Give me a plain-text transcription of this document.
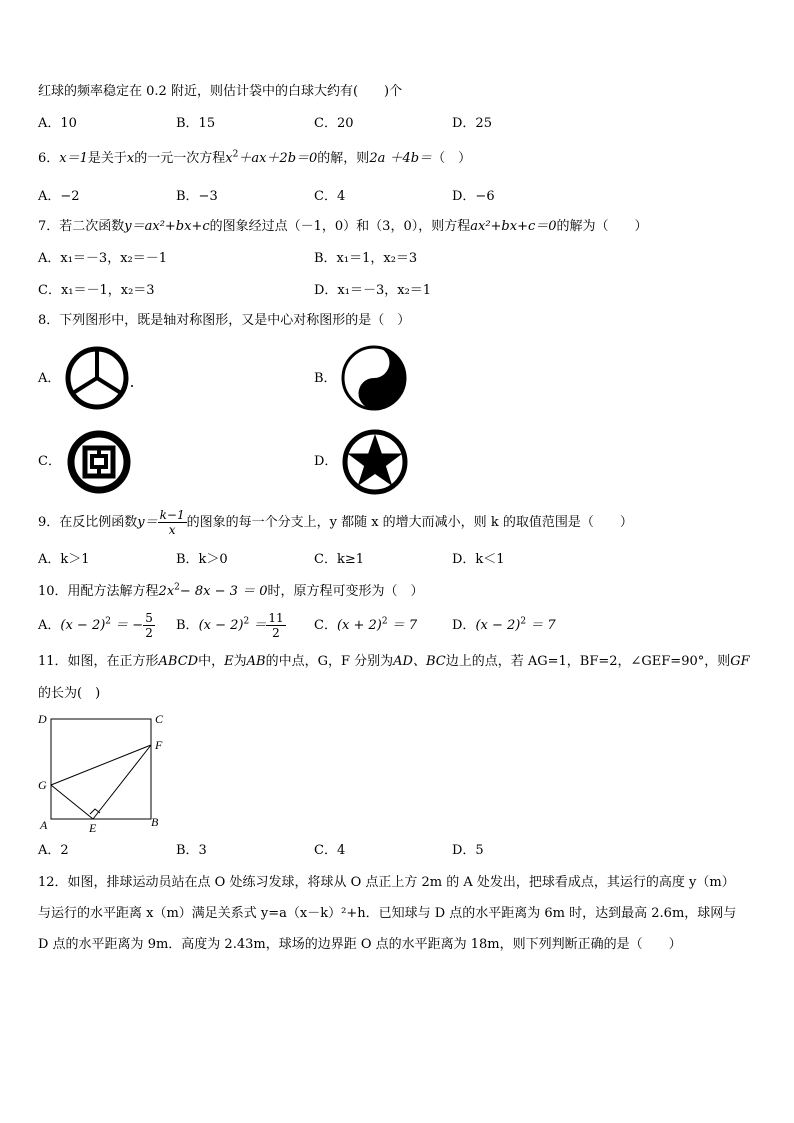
红球的频率稳定在 0.2 附近，则估计袋中的白球大约有(　　)个
A．10	B．15	C．20	D．25
6．x＝1是关于x的一元一次方程$x^2+ax+2b=0$的解，则2a ＋4b＝（　）
A．−2	B．−3	C．4	D．−6
7．若二次函数y＝ax²+bx+c的图象经过点（－1，0）和（3，0），则方程ax²+bx+c＝0的解为（　　）
A．x₁＝－3，x₂＝－1	B．x₁＝1，x₂＝3
C．x₁＝－1，x₂＝3	D．x₁＝－3，x₂＝1
8．下列图形中，既是轴对称图形，又是中心对称图形的是（　）
A．	B．
C．	D．
9．在反比例函数$y= \frac{k-1}{x}$ 的图象的每一个分支上，y 都随 x 的增大而减小，则 k 的取值范围是（　　）
A．k＞1	B．k＞0	C．k≥1	D．k＜1
10．用配方法解方程$2x^2- 8x - 3 = 0$时，原方程可变形为（　）
A．$(x - 2)^2$ ＝ − $\frac{5}{2}$ B．$(x - 2)^2 = \frac{11}{2}$ C．$(x + 2)^2 = 7$	D．$(x - 2)^2 = 7$
11．如图，在正方形ABCD中，E为AB的中点，G，F 分别为AD、BC边上的点，若 AG=1，BF=2，∠GEF=90°，则GF
的长为(　)
D	C
F
G
A	E	B
A．2	B．3	C．4	D．5
12．如图，排球运动员站在点 O 处练习发球，将球从 O 点正上方 2m 的 A 处发出，把球看成点，其运行的高度 y（m）
与运行的水平距离 x（m）满足关系式 y=a（x－k）²+h．已知球与 D 点的水平距离为 6m 时，达到最高 2.6m，球网与
D 点的水平距离为 9m．高度为 2.43m，球场的边界距 O 点的水平距离为 18m，则下列判断正确的是（　　）
